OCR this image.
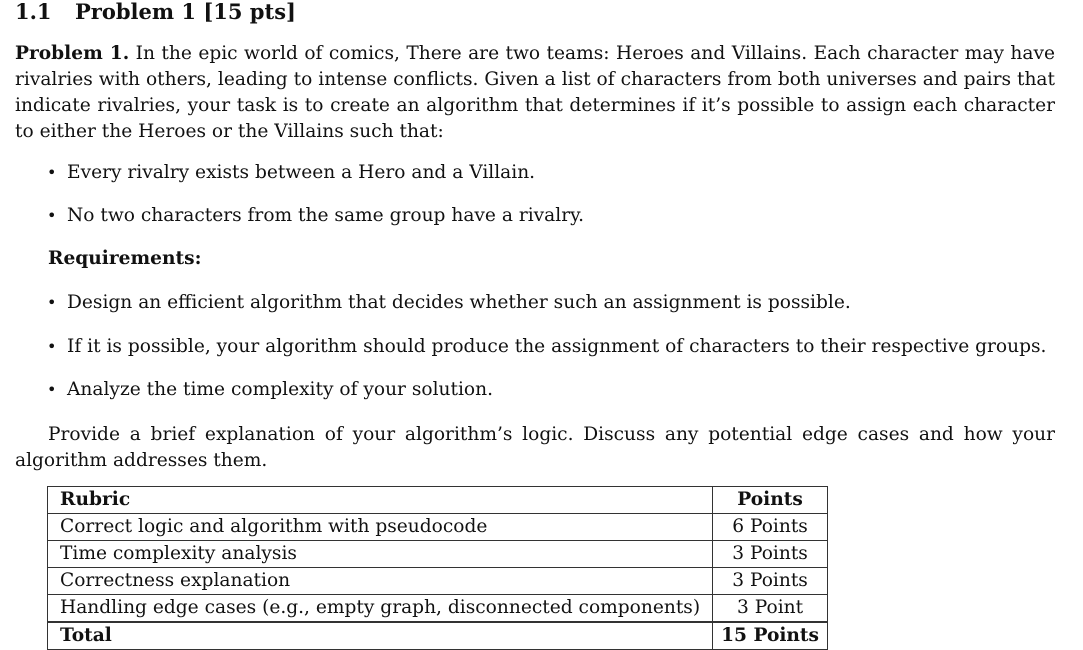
1.1 Problem 1 [15 pts]

Problem 1. In the epic world of comics, There are two teams: Heroes and Villains. Each character may have rivalries with others, leading to intense conflicts. Given a list of characters from both universes and pairs that indicate rivalries, your task is to create an algorithm that determines if it’s possible to assign each character to either the Heroes or the Villains such that:

• Every rivalry exists between a Hero and a Villain.
• No two characters from the same group have a rivalry.

Requirements:

• Design an efficient algorithm that decides whether such an assignment is possible.
• If it is possible, your algorithm should produce the assignment of characters to their respective groups.
• Analyze the time complexity of your solution.

Provide a brief explanation of your algorithm’s logic. Discuss any potential edge cases and how your algorithm addresses them.

Rubric	Points
Correct logic and algorithm with pseudocode	6 Points
Time complexity analysis	3 Points
Correctness explanation	3 Points
Handling edge cases (e.g., empty graph, disconnected components)	3 Point
Total	15 Points
